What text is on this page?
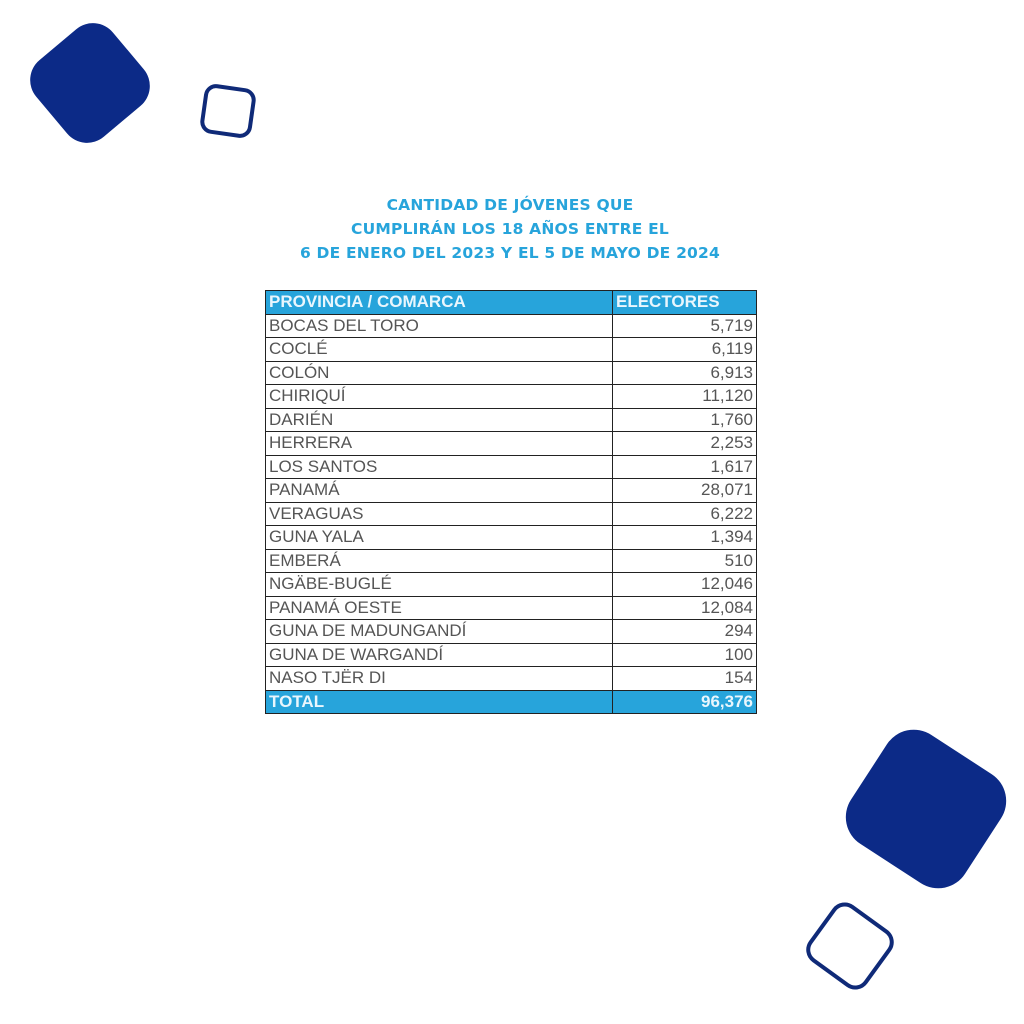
CANTIDAD DE JÓVENES QUE
CUMPLIRÁN LOS 18 AÑOS ENTRE EL
6 DE ENERO DEL 2023 Y EL 5 DE MAYO DE 2024
PROVINCIA / COMARCA	ELECTORES
BOCAS DEL TORO	5,719
COCLÉ	6,119
COLÓN	6,913
CHIRIQUÍ	11,120
DARIÉN	1,760
HERRERA	2,253
LOS SANTOS	1,617
PANAMÁ	28,071
VERAGUAS	6,222
GUNA YALA	1,394
EMBERÁ	510
NGÄBE-BUGLÉ	12,046
PANAMÁ OESTE	12,084
GUNA DE MADUNGANDÍ	294
GUNA DE WARGANDÍ	100
NASO TJËR DI	154
TOTAL	96,376
